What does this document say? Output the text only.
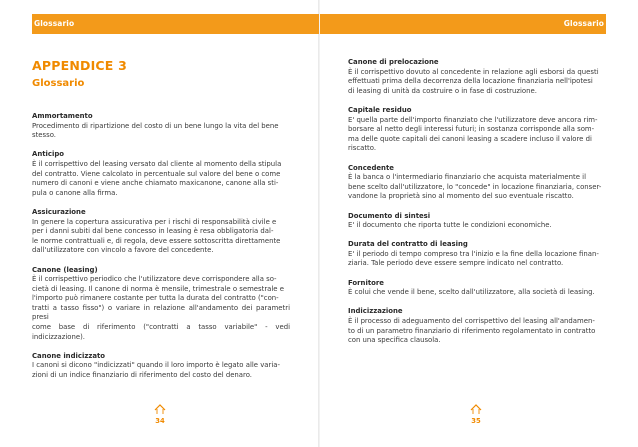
Glossario	Glossario
APPENDICE 3
Glossario
Ammortamento
Procedimento di ripartizione del costo di un bene lungo la vita del bene
stesso.
Anticipo
È il corrispettivo del leasing versato dal cliente al momento della stipula
del contratto. Viene calcolato in percentuale sul valore del bene o come
numero di canoni e viene anche chiamato maxicanone, canone alla sti-
pula o canone alla firma.
Assicurazione
In genere la copertura assicurativa per i rischi di responsabilità civile e
per i danni subiti dal bene concesso in leasing è resa obbligatoria dal-
le norme contrattuali e, di regola, deve essere sottoscritta direttamente
dall'utilizzatore con vincolo a favore del concedente.
Canone (leasing)
È il corrispettivo periodico che l'utilizzatore deve corrispondere alla so-
cietà di leasing. Il canone di norma è mensile, trimestrale o semestrale e
l'importo può rimanere costante per tutta la durata del contratto ("con-
tratti a tasso fisso") o variare in relazione all'andamento dei parametri presi
come base di riferimento ("contratti a tasso variabile" - vedi indicizzazione).
Canone indicizzato
I canoni si dicono "indicizzati" quando il loro importo è legato alle varia-
zioni di un indice finanziario di riferimento del costo del denaro.
Canone di prelocazione
È il corrispettivo dovuto al concedente in relazione agli esborsi da questi
effettuati prima della decorrenza della locazione finanziaria nell'ipotesi
di leasing di unità da costruire o in fase di costruzione.
Capitale residuo
E' quella parte dell'importo finanziato che l'utilizzatore deve ancora rim-
borsare al netto degli interessi futuri; in sostanza corrisponde alla som-
ma delle quote capitali dei canoni leasing a scadere incluso il valore di
riscatto.
Concedente
È la banca o l'intermediario finanziario che acquista materialmente il
bene scelto dall'utilizzatore, lo "concede" in locazione finanziaria, conser-
vandone la proprietà sino al momento del suo eventuale riscatto.
Documento di sintesi
E' il documento che riporta tutte le condizioni economiche.
Durata del contratto di leasing
E' il periodo di tempo compreso tra l'inizio e la fine della locazione finan-
ziaria. Tale periodo deve essere sempre indicato nel contratto.
Fornitore
È colui che vende il bene, scelto dall'utilizzatore, alla società di leasing.
Indicizzazione
È il processo di adeguamento del corrispettivo del leasing all'andamen-
to di un parametro finanziario di riferimento regolamentato in contratto
con una specifica clausola.
34	35
